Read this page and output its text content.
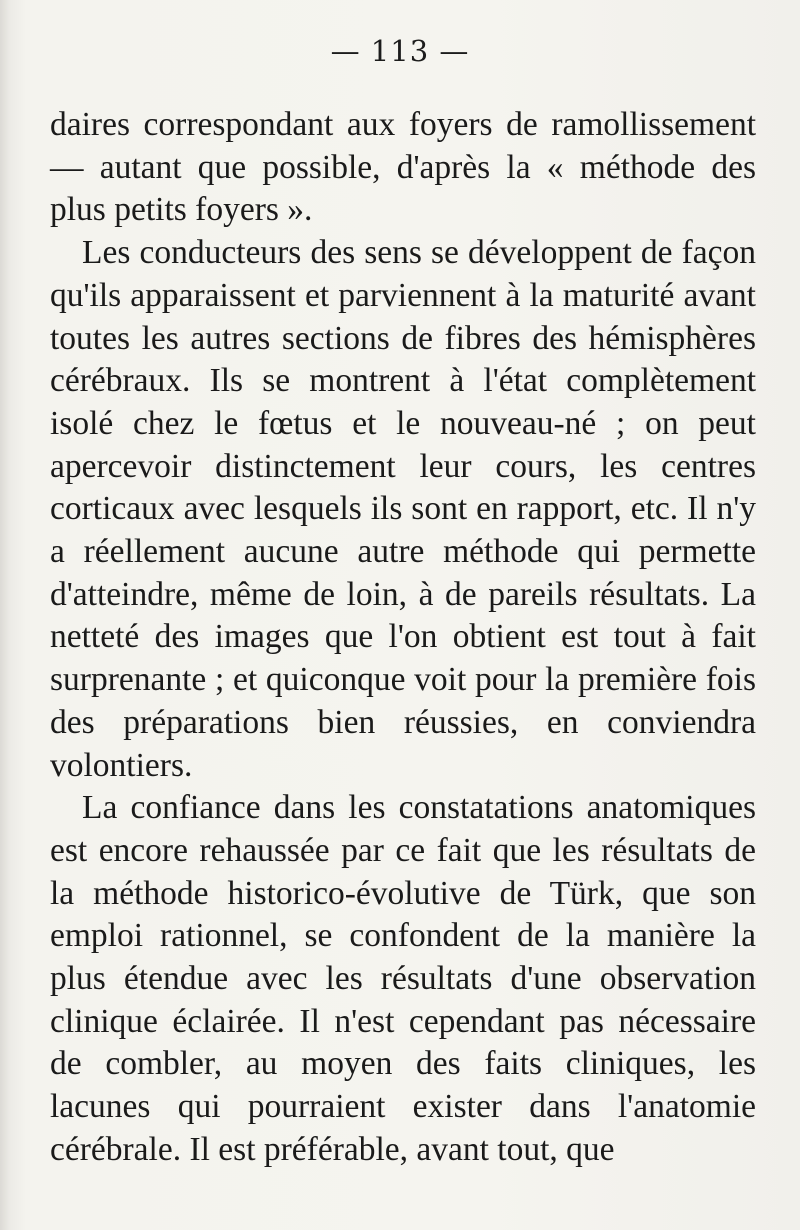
— 113 —

daires correspondant aux foyers de ramollissement — autant que possible, d'après la « méthode des plus petits foyers ».

Les conducteurs des sens se développent de façon qu'ils apparaissent et parviennent à la maturité avant toutes les autres sections de fibres des hémisphères cérébraux. Ils se montrent à l'état complètement isolé chez le fœtus et le nouveau-né ; on peut apercevoir distinctement leur cours, les centres corticaux avec lesquels ils sont en rapport, etc. Il n'y a réellement aucune autre méthode qui permette d'atteindre, même de loin, à de pareils résultats. La netteté des images que l'on obtient est tout à fait surprenante ; et quiconque voit pour la première fois des préparations bien réussies, en conviendra volontiers.

La confiance dans les constatations anatomiques est encore rehaussée par ce fait que les résultats de la méthode historico-évolutive de Türk, que son emploi rationnel, se confondent de la manière la plus étendue avec les résultats d'une observation clinique éclairée. Il n'est cependant pas nécessaire de combler, au moyen des faits cliniques, les lacunes qui pourraient exister dans l'anatomie cérébrale. Il est préférable, avant tout, que
